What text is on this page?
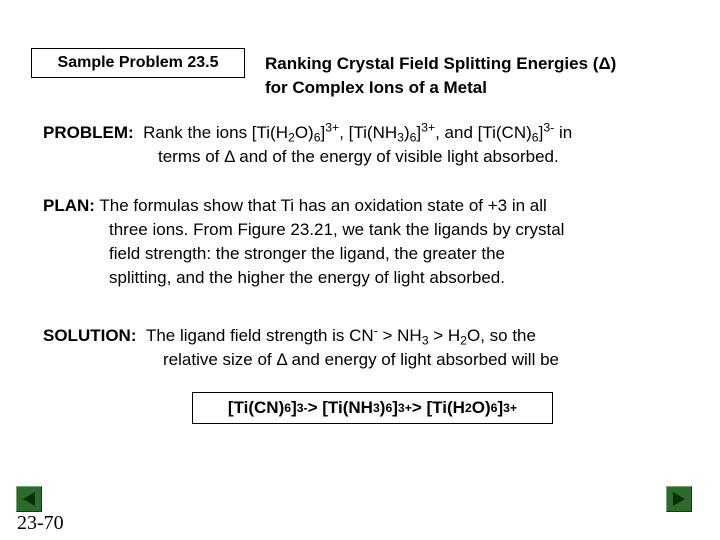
Sample Problem 23.5	Ranking Crystal Field Splitting Energies (Δ)
for Complex Ions of a Metal
PROBLEM: Rank the ions $[Ti(H_2O)_6]^{3+}$, $[Ti(NH_3)_6]^{3+}$, and $[Ti(CN)_6]^{3-}$ in
terms of Δ and of the energy of visible light absorbed.
PLAN: The formulas show that Ti has an oxidation state of +3 in all
three ions. From Figure 23.21, we tank the ligands by crystal
field strength: the stronger the ligand, the greater the
splitting, and the higher the energy of light absorbed.
SOLUTION: The ligand field strength is $CN^- > NH_3 > H_2O$, so the
relative size of Δ and energy of light absorbed will be
[Ti(CN) 6 ] 3- > [Ti(NH 3 ) 6 ] 3+ > [Ti(H 2 O) 6 ] 3+
23-70
